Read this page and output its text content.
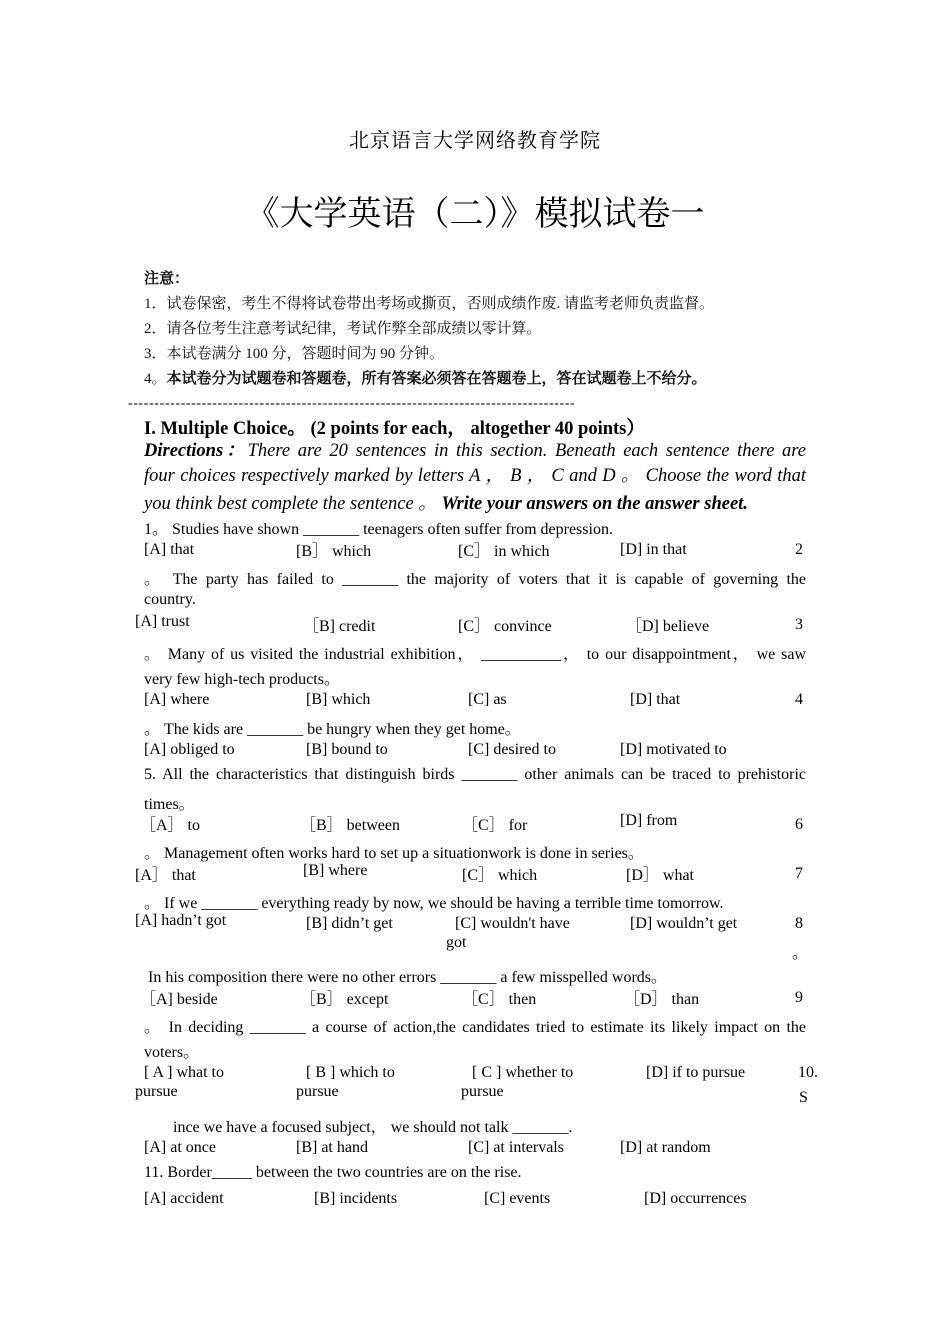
北京语言大学网络教育学院
《大学英语（二）》模拟试卷一
注意：
1．试卷保密，考生不得将试卷带出考场或撕页，否则成绩作废. 请监考老师负责监督。
2．请各位考生注意考试纪律，考试作弊全部成绩以零计算。
3．本试卷满分 100 分，答题时间为 90 分钟。
4。本试卷分为试题卷和答题卷，所有答案必须答在答题卷上，答在试题卷上不给分。
-------------------------------------------------------------------------------------
I. Multiple Choice。 (2 points for each， altogether 40 points）
Directions：There are 20 sentences in this section. Beneath each sentence there are
four choices respectively marked by letters A ， B ， C and D 。 Choose the word that
you think best complete the sentence 。 Write your answers on the answer sheet.
1。 Studies have shown _______ teenagers often suffer from depression.
[A] that	[B］ which	[C］ in which	[D] in that	2
。 The party has failed to _______ the majority of voters that it is capable of governing the
country.
[A] trust	［B] credit	[C］ convince	［D] believe	3
。 Many of us visited the industrial exhibition， __________， to our disappointment， we saw
very few high-tech products。
[A] where	[B] which	[C] as	[D] that	4
。 The kids are _______ be hungry when they get home。
[A] obliged to	[B] bound to	[C] desired to	[D] motivated to
5. All the characteristics that distinguish birds _______ other animals can be traced to prehistoric
times。
［A］ to	［B］ between	［C］ for	[D] from	6
。 Management often works hard to set up a situationwork is done in series。
[A］ that	[B] where	[C］ which	[D］ what	7
。 If we _______ everything ready by now, we should be having a terrible time tomorrow.
[A] hadn’t got	[B] didn’t get	[C] wouldn't have
got
[D] wouldn’t get	8
。
In his composition there were no other errors _______ a few misspelled words。
［A] beside	［B］ except	［C］ then	［D］ than	9
。 In deciding _______ a course of action,the candidates tried to estimate its likely impact on the
voters。
[ A ] what to
pursue
[ B ] which to
pursue
[ C ] whether to
pursue
[D] if to pursue	10.
S
ince we have a focused subject， we should not talk _______.
[A] at once	[B] at hand	[C] at intervals	[D] at random
11. Border_____ between the two countries are on the rise.
[A] accident	[B] incidents	[C] events	[D] occurrences
